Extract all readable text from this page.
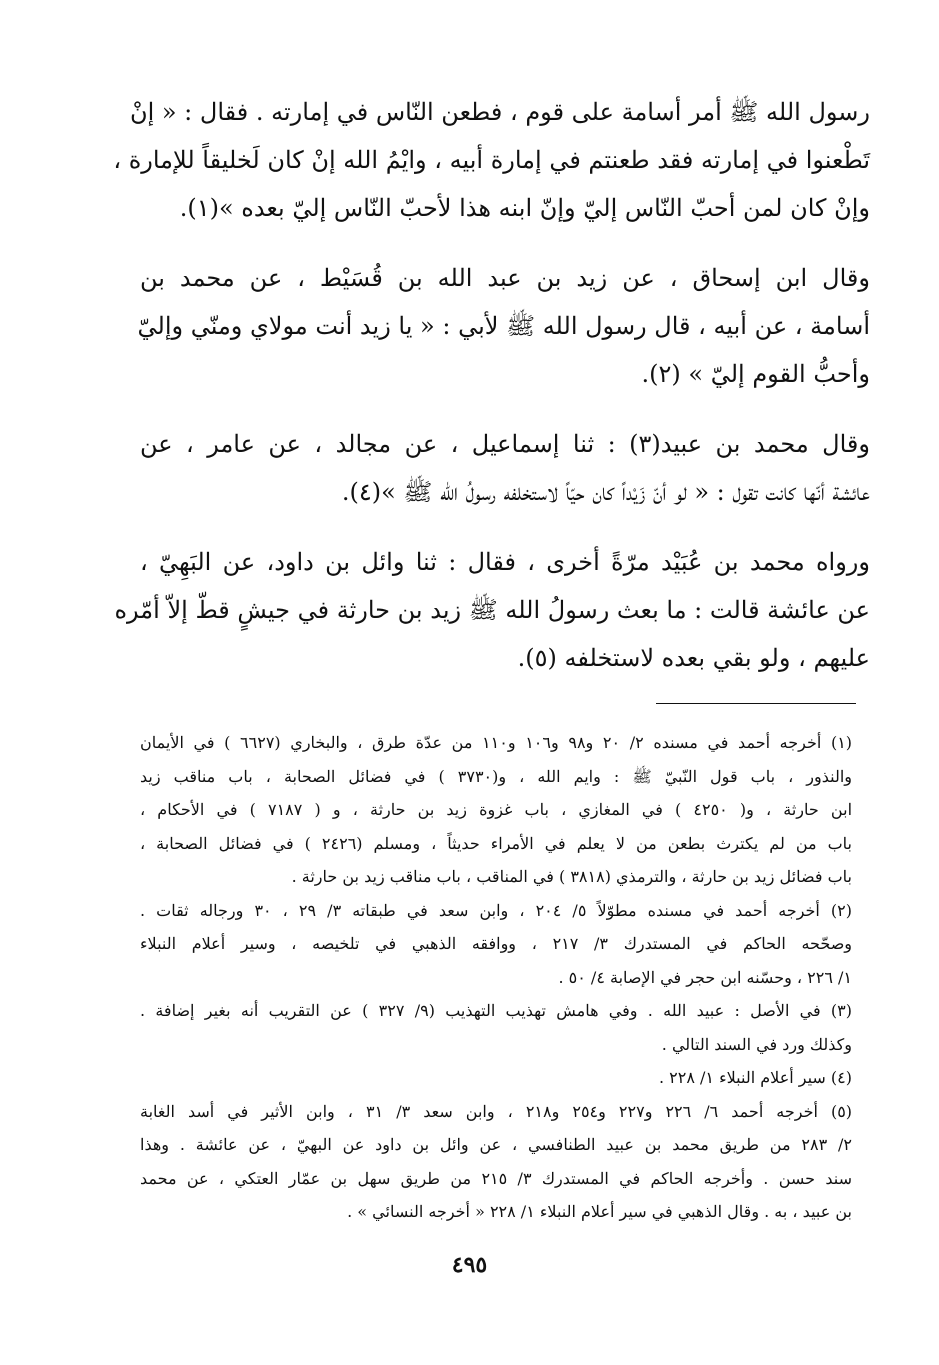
رسول الله ﷺ أمر أسامة على قوم ، فطعن النّاس في إمارته . فقال : « إنْ
تَطْعنوا في إمارته فقد طعنتم في إمارة أبيه ، وايْمُ الله إنْ كان لَخليقاً للإمارة ،
وإنْ كان لمن أحبّ النّاس إليّ وإنّ ابنه هذا لأحبّ النّاس إليّ بعده »(١).

وقال ابن إسحاق ، عن زيد بن عبد الله بن قُسَيْط ، عن محمد بن
أسامة ، عن أبيه ، قال رسول الله ﷺ لأبي : « يا زيد أنت مولاي ومنّي وإليّ
وأحبُّ القوم إليّ » (٢).

وقال محمد بن عبيد(٣) : ثنا إسماعيل ، عن مجالد ، عن عامر ، عن
عائشة أنّها كانت تقول : « لو أنّ زَيْداً كان حيّاً لاستخلفه رسولُ الله ﷺ »(٤).

ورواه محمد بن عُبَيْد مرّةً أخرى ، فقال : ثنا وائل بن داود، عن البَهِيّ ،
عن عائشة قالت : ما بعث رسولُ الله ﷺ زيد بن حارثة في جيشٍ قطّ إلاّ أمّره
عليهم ، ولو بقي بعده لاستخلفه (٥).

(١) أخرجه أحمد في مسنده ٢/ ٢٠ و٩٨ و١٠٦ و١١٠ من عدّة طرق ، والبخاري (٦٦٢٧ ) في الأيمان
والنذور ، باب قول النّبيّ ﷺ : وايم الله ، و(٣٧٣٠ ) في فضائل الصحابة ، باب مناقب زيد
ابن حارثة ، و( ٤٢٥٠ ) في المغازي ، باب غزوة زيد بن حارثة ، و ( ٧١٨٧ ) في الأحكام ،
باب من لم يكترث بطعن من لا يعلم في الأمراء حديثاً ، ومسلم (٢٤٢٦ ) في فضائل الصحابة ،
باب فضائل زيد بن حارثة ، والترمذي (٣٨١٨ ) في المناقب ، باب مناقب زيد بن حارثة .
(٢) أخرجه أحمد في مسنده مطوّلاً ٥/ ٢٠٤ ، وابن سعد في طبقاته ٣/ ٢٩ ، ٣٠ ورجاله ثقات .
وصحّحه الحاكم في المستدرك ٣/ ٢١٧ ، ووافقه الذهبي في تلخيصه ، وسير أعلام النبلاء
١/ ٢٢٦ ، وحسّنه ابن حجر في الإصابة ٤/ ٥٠ .
(٣) في الأصل : عبيد الله . وفي هامش تهذيب التهذيب (٩/ ٣٢٧ ) عن التقريب أنه بغير إضافة .
وكذلك ورد في السند التالي .
(٤) سير أعلام النبلاء ١/ ٢٢٨ .
(٥) أخرجه أحمد ٦/ ٢٢٦ و٢٢٧ و٢٥٤ و٢١٨ ، وابن سعد ٣/ ٣١ ، وابن الأثير في أسد الغابة
٢/ ٢٨٣ من طريق محمد بن عبيد الطنافسي ، عن وائل بن داود عن البهيّ ، عن عائشة . وهذا
سند حسن . وأخرجه الحاكم في المستدرك ٣/ ٢١٥ من طريق سهل بن عمّار العتكي ، عن محمد
بن عبيد ، به . وقال الذهبي في سير أعلام النبلاء ١/ ٢٢٨ « أخرجه النسائي » .
٤٩٥
